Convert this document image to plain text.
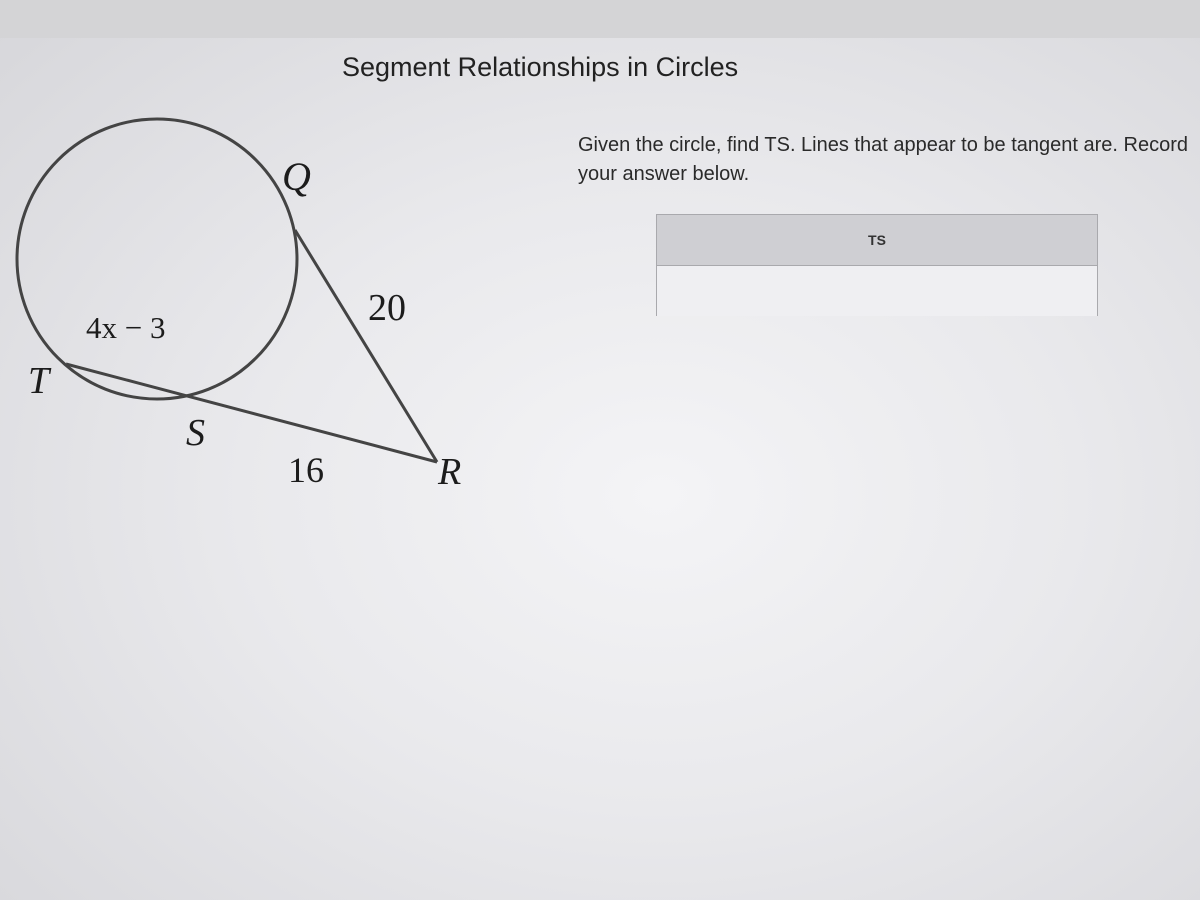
Segment Relationships in Circles
Given the circle, find TS. Lines that appear to be tangent are. Record your answer below.
TS
Q
T
S
R
4x − 3	20
16
